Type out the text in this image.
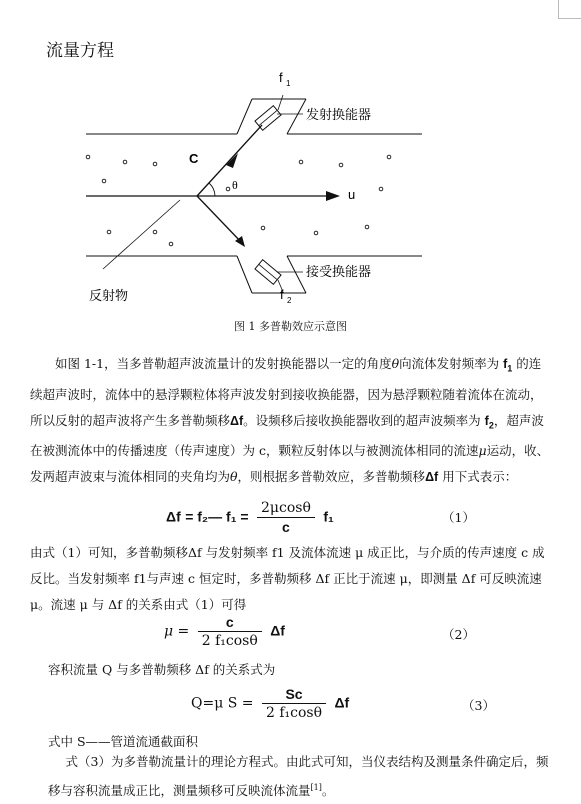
流量方程
f 1
发射换能器
C
θ
u
接受换能器
f 2
反射物
图 1 多普勒效应示意图

如图 1-1，当多普勒超声波流量计的发射换能器以一定的角度θ向流体发射频率为 $f_1$ 的连续超声波时，流体中的悬浮颗粒体将声波发射到接收换能器，因为悬浮颗粒随着流体在流动，所以反射的超声波将产生多普勒频移Δf。设频移后接收换能器收到的超声波频率为 $f_2$，超声波在被测流体中的传播速度（传声速度）为 c，颗粒反射体以与被测流体相同的流速μ运动，收、发两超声波束与流体相同的夹角均为θ，则根据多普勒效应，多普勒频移Δf 用下式表示：

Δf = f₂— $f_1 = \frac{2\mu\cos\theta}{c} f_1$	（1）

由式（1）可知，多普勒频移Δf 与发射频率 f1 及流体流速 μ 成正比，与介质的传声速度 c 成反比。当发射频率 f1与声速 c 恒定时，多普勒频移 Δf 正比于流速 μ，即测量 Δf 可反映流速 μ。流速 μ 与 Δf 的关系由式（1）可得

$\mu = \frac{c}{\text{2 f₁cosθ}}$ Δf	（2）

容积流量 Q 与多普勒频移 Δf 的关系式为

Q=μ $S = \frac{Sc}{\text{2 f₁cosθ}}$ Δf	（3）

式中 S——管道流通截面积

式（3）为多普勒流量计的理论方程式。由此式可知，当仪表结构及测量条件确定后，频移与容积流量成正比，测量频移可反映流体流量[1]。
